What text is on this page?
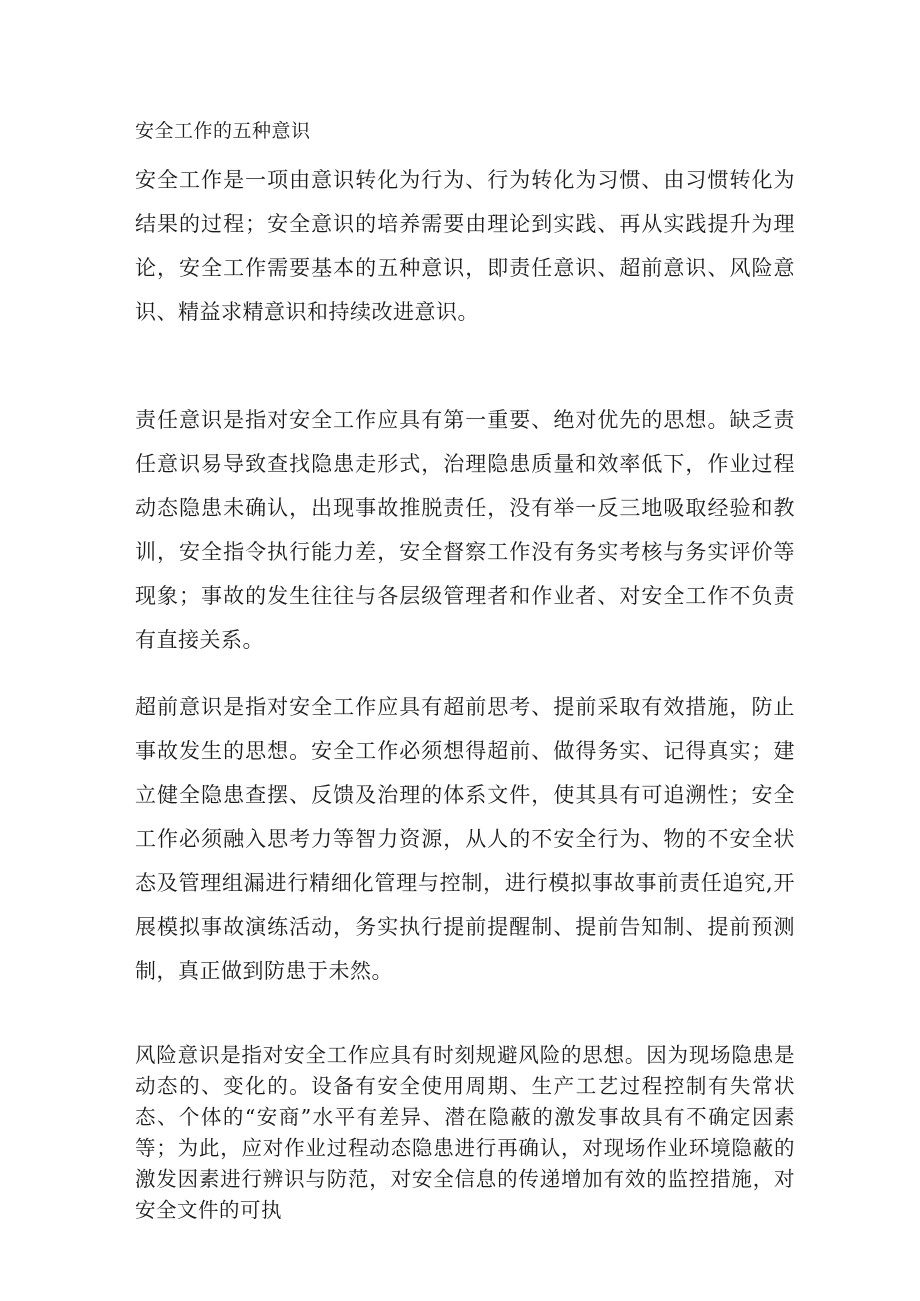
安全工作的五种意识
安全工作是一项由意识转化为行为、行为转化为习惯、由习惯转化为结果的过程；安全意识的培养需要由理论到实践、再从实践提升为理论，安全工作需要基本的五种意识，即责任意识、超前意识、风险意识、精益求精意识和持续改进意识。
责任意识是指对安全工作应具有第一重要、绝对优先的思想。缺乏责任意识易导致查找隐患走形式，治理隐患质量和效率低下，作业过程动态隐患未确认，出现事故推脱责任，没有举一反三地吸取经验和教训，安全指令执行能力差，安全督察工作没有务实考核与务实评价等现象；事故的发生往往与各层级管理者和作业者、对安全工作不负责有直接关系。
超前意识是指对安全工作应具有超前思考、提前采取有效措施，防止事故发生的思想。安全工作必须想得超前、做得务实、记得真实；建立健全隐患查摆、反馈及治理的体系文件，使其具有可追溯性；安全工作必须融入思考力等智力资源，从人的不安全行为、物的不安全状态及管理组漏进行精细化管理与控制，进行模拟事故事前责任追究,开展模拟事故演练活动，务实执行提前提醒制、提前告知制、提前预测制，真正做到防患于未然。
风险意识是指对安全工作应具有时刻规避风险的思想。因为现场隐患是动态的、变化的。设备有安全使用周期、生产工艺过程控制有失常状态、个体的“安商”水平有差异、潜在隐蔽的激发事故具有不确定因素等；为此，应对作业过程动态隐患进行再确认，对现场作业环境隐蔽的激发因素进行辨识与防范，对安全信息的传递增加有效的监控措施，对安全文件的可执
